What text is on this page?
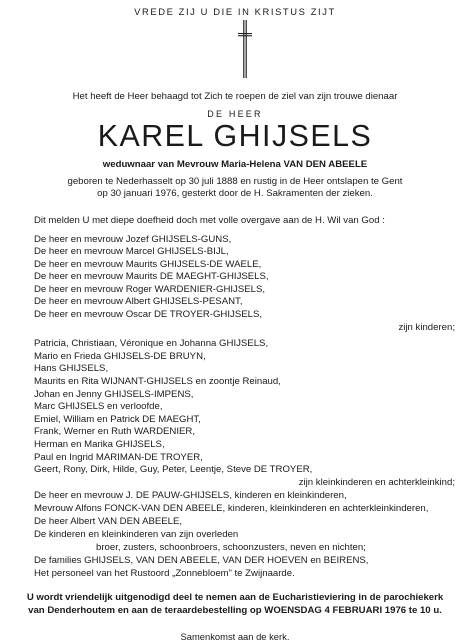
VREDE ZIJ U DIE IN KRISTUS ZIJT
Het heeft de Heer behaagd tot Zich te roepen de ziel van zijn trouwe dienaar
DE HEER
KAREL GHIJSELS
weduwnaar van Mevrouw Maria-Helena VAN DEN ABEELE
geboren te Nederhasselt op 30 juli 1888 en rustig in de Heer ontslapen te Gent
op 30 januari 1976, gesterkt door de H. Sakramenten der zieken.
Dit melden U met diepe doefheid doch met volle overgave aan de H. Wil van God :
De heer en mevrouw Jozef GHIJSELS-GUNS,
De heer en mevrouw Marcel GHIJSELS-BIJL,
De heer en mevrouw Maurits GHIJSELS-DE WAELE,
De heer en mevrouw Maurits DE MAEGHT-GHIJSELS,
De heer en mevrouw Roger WARDENIER-GHIJSELS,
De heer en mevrouw Albert GHIJSELS-PESANT,
De heer en mevrouw Oscar DE TROYER-GHIJSELS,
zijn kinderen;
Patricia, Christiaan, Véronique en Johanna GHIJSELS,
Mario en Frieda GHIJSELS-DE BRUYN,
Hans GHIJSELS,
Maurits en Rita WIJNANT-GHIJSELS en zoontje Reinaud,
Johan en Jenny GHIJSELS-IMPENS,
Marc GHIJSELS en verloofde,
Emiel, William en Patrick DE MAEGHT,
Frank, Werner en Ruth WARDENIER,
Herman en Marika GHIJSELS,
Paul en Ingrid MARIMAN-DE TROYER,
Geert, Rony, Dirk, Hilde, Guy, Peter, Leentje, Steve DE TROYER,
zijn kleinkinderen en achterkleinkind;
De heer en mevrouw J. DE PAUW-GHIJSELS, kinderen en kleinkinderen,
Mevrouw Alfons FONCK-VAN DEN ABEELE, kinderen, kleinkinderen en achterkleinkinderen,
De heer Albert VAN DEN ABEELE,
De kinderen en kleinkinderen van zijn overleden
broer, zusters, schoonbroers, schoonzusters, neven en nichten;
De families GHIJSELS, VAN DEN ABEELE, VAN DER HOEVEN en BEIRENS,
Het personeel van het Rustoord „Zonnebloem” te Zwijnaarde.
U wordt vriendelijk uitgenodigd deel te nemen aan de Eucharistieviering in de parochiekerk
van Denderhoutem en aan de teraardebestelling op WOENSDAG 4 FEBRUARI 1976 te 10 u.
Samenkomst aan de kerk.
